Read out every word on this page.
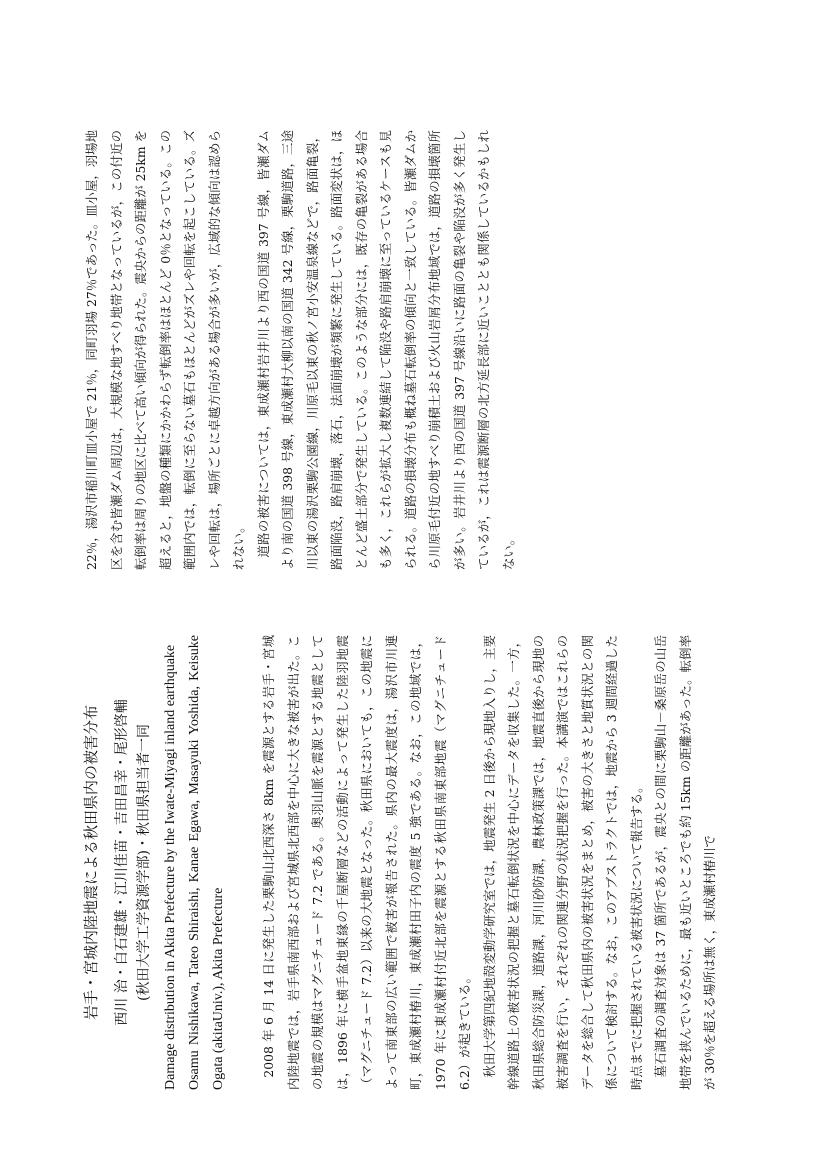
岩手・宮城内陸地震による秋田県内の被害分布 西川 治・白石建雄・江川佳苗・吉田昌幸・尾形啓輔 (秋田大学工学資源学部)・秋田県担当者一同 Damage distribution in Akita Prefecture by the Iwate-Miyagi inland earthquake Osamu Nishikawa, Tateo Shiraishi, Kanae Egawa, Masayuki Yoshida, Keisuke Ogata (akitaUniv.), Akita Prefecture	2008 年 6 月 14 日に発生した栗駒山北西深さ 8km を震源とする岩手・宮城内陸地震では，岩手県南西部および宮城県北西部を中心に大きな被害が出た。この地震の規模はマグニチュード 7.2 である。奥羽山脈を震源とする地震としては，1896 年に横手盆地東縁の千屋断層などの活動によって発生した陸羽地震（マグニチュード 7.2）以来の大地震となった。秋田県においても，この地震によって南東部の広い範囲で被害が報告された。県内の最大震度は，湯沢市川連町，東成瀬村椿川，東成瀬村田子内の震度 5 強である。なお，この地域では，1970 年に東成瀬村付近北部を震源とする秋田県南東部地震（マグニチュード 6.2）が起きている。 秋田大学第四紀地殻変動学研究室では，地震発生 2 日後から現地入りし，主要幹線道路上の被害状況の把握と墓石転倒状況を中心にデータを収集した。一方，秋田県総合防災課，道路課，河川砂防課，農林政策課では，地震直後から現地の被害調査を行い，それぞれの関連分野の状況把握を行った。本講演ではこれらのデータを総合して秋田県内の被害状況をまとめ，被害の大きさと地質状況との関係について検討する。なお，このアブストラクトでは，地震から 3 週間経過した時点までに把握されている被害状況について報告する。 墓石調査の調査対象は 37 箇所であるが，震央との間に栗駒山－桑原岳の山岳地帯を挟んでいるために，最も近いところでも約 15km の距離があった。転倒率が 30％を超える場所は無く，東成瀬村椿川で

22％，湯沢市稲川町皿小屋で 21％，同町羽場 27％であった。皿小屋，羽場地区を含む皆瀬ダム周辺は，大規模な地すべり地帯となっているが，この付近の転倒率は周りの地区に比べて高い傾向が得られた。震央からの距離が 25km を超えると，地盤の種類にかかわらず転倒率はほとんど 0％となっている。この範囲内では，転倒に至らない墓石もほとんどがズレや回転を起こしている。ズレや回転は，場所ごとに卓越方向がある場合が多いが，広域的な傾向は認められない。 道路の被害については，東成瀬村岩井川より西の国道 397 号線，皆瀬ダムより南の国道 398 号線，東成瀬村大柳以南の国道 342 号線，栗駒道路，三途川以東の湯沢栗駒公園線，川原毛以東の秋ノ宮小安温泉線などで，路面亀裂，路面陥没，路肩崩壊，落石，法面崩壊が頻繁に発生している。路面変状は，ほとんど盛土部分で発生している。このような部分には，既存の亀裂がある場合も多く，これらが拡大し複数連結して陥没や路肩崩壊に至っているケースも見られる。道路の損壊分布も概ね墓石転倒率の傾向と一致している。皆瀬ダムから川原毛付近の地すべり崩積土および火山岩屑分布地域では，道路の損壊箇所が多い。岩井川より西の国道 397 号線沿いに路面の亀裂や陥没が多く発生しているが，これは震源断層の北方延長部に近いこととも関係しているかもしれない。
